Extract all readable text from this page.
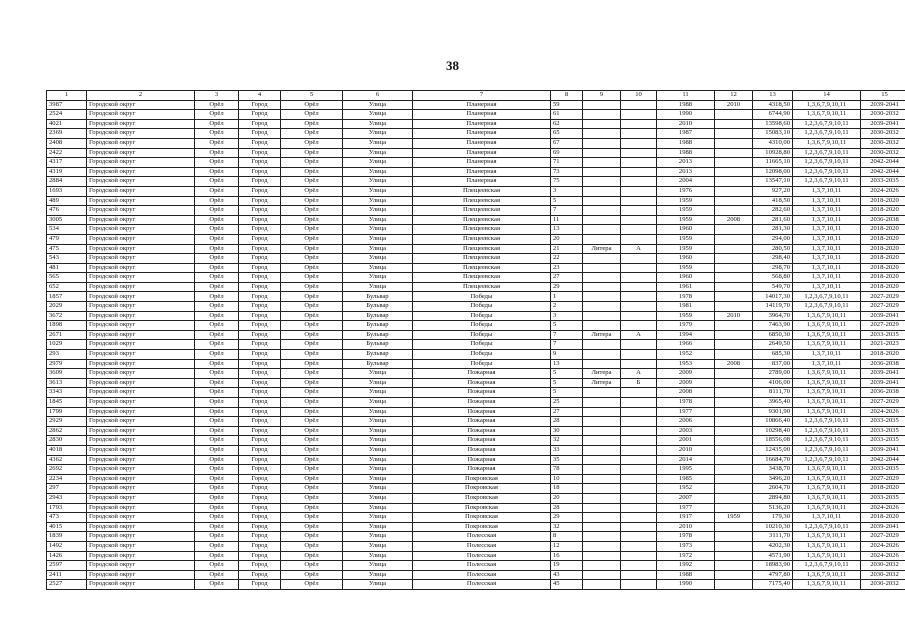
38
1	2	3	4	5	6	7	8	9	10	11	12	13	14	15
3987	Городской округ	Орёл	Город	Орёл	Улица	Планерная	59			1988	2010	4318,50	1,3,6,7,9,10,11	2039-2041
2524	Городской округ	Орёл	Город	Орёл	Улица	Планерная	61			1990		6744,90	1,3,6,7,9,10,11	2030-2032
4021	Городской округ	Орёл	Город	Орёл	Улица	Планерная	62			2010		13598,60	1,2,3,6,7,9,10,11	2039-2041
2369	Городской округ	Орёл	Город	Орёл	Улица	Планерная	65			1987		15083,10	1,2,3,6,7,9,10,11	2030-2032
2408	Городской округ	Орёл	Город	Орёл	Улица	Планерная	67			1988		4310,00	1,3,6,7,9,10,11	2030-2032
2422	Городской округ	Орёл	Город	Орёл	Улица	Планерная	69			1988		10928,80	1,2,3,6,7,9,10,11	2030-2032
4317	Городской округ	Орёл	Город	Орёл	Улица	Планерная	71			2013		11665,10	1,2,3,6,7,9,10,11	2042-2044
4319	Городской округ	Орёл	Город	Орёл	Улица	Планерная	73			2013		12098,00	1,2,3,6,7,9,10,11	2042-2044
2884	Городской округ	Орёл	Город	Орёл	Улица	Планерная	75			2004		13547,10	1,2,3,6,7,9,10,11	2033-2035
1693	Городской округ	Орёл	Город	Орёл	Улица	Плещеевская	3			1976		927,20	1,3,7,10,11	2024-2026
489	Городской округ	Орёл	Город	Орёл	Улица	Плещеевская	5			1959		418,50	1,3,7,10,11	2018-2020
476	Городской округ	Орёл	Город	Орёл	Улица	Плещеевская	7			1959		282,60	1,3,7,10,11	2018-2020
3005	Городской округ	Орёл	Город	Орёл	Улица	Плещеевская	11			1959	2008	281,60	1,3,7,10,11	2036-2038
534	Городской округ	Орёл	Город	Орёл	Улица	Плещеевская	13			1960		281,30	1,3,7,10,11	2018-2020
479	Городской округ	Орёл	Город	Орёл	Улица	Плещеевская	20			1959		294,00	1,3,7,10,11	2018-2020
475	Городской округ	Орёл	Город	Орёл	Улица	Плещеевская	21	Литера	А	1959		280,50	1,3,7,10,11	2018-2020
543	Городской округ	Орёл	Город	Орёл	Улица	Плещеевская	22			1960		298,40	1,3,7,10,11	2018-2020
481	Городской округ	Орёл	Город	Орёл	Улица	Плещеевская	23			1959		298,70	1,3,7,10,11	2018-2020
565	Городской округ	Орёл	Город	Орёл	Улица	Плещеевская	27			1960		568,80	1,3,7,10,11	2018-2020
652	Городской округ	Орёл	Город	Орёл	Улица	Плещеевская	29			1961		549,70	1,3,7,10,11	2018-2020
1857	Городской округ	Орёл	Город	Орёл	Бульвар	Победы	1			1978		14017,30	1,2,3,6,7,9,10,11	2027-2029
2029	Городской округ	Орёл	Город	Орёл	Бульвар	Победы	2			1981		14119,70	1,2,3,6,7,9,10,11	2027-2029
3672	Городской округ	Орёл	Город	Орёл	Бульвар	Победы	3			1959	2010	3964,70	1,3,6,7,9,10,11	2039-2041
1898	Городской округ	Орёл	Город	Орёл	Бульвар	Победы	5			1979		7463,90	1,3,6,7,9,10,11	2027-2029
2671	Городской округ	Орёл	Город	Орёл	Бульвар	Победы	7	Литера	А	1994		6850,30	1,3,6,7,9,10,11	2033-2035
1029	Городской округ	Орёл	Город	Орёл	Бульвар	Победы	7			1966		2649,50	1,3,6,7,9,10,11	2021-2023
293	Городской округ	Орёл	Город	Орёл	Бульвар	Победы	9			1952		685,30	1,3,7,10,11	2018-2020
2979	Городской округ	Орёл	Город	Орёл	Бульвар	Победы	13			1953	2008	837,00	1,3,7,10,11	2036-2038
3609	Городской округ	Орёл	Город	Орёл	Улица	Пожарная	5	Литера	А	2009		2789,00	1,3,6,7,9,10,11	2039-2041
3613	Городской округ	Орёл	Город	Орёл	Улица	Пожарная	5	Литера	Б	2009		4106,00	1,3,6,7,9,10,11	2039-2041
3343	Городской округ	Орёл	Город	Орёл	Улица	Пожарная	5			2008		8111,70	1,3,6,7,9,10,11	2036-2038
1845	Городской округ	Орёл	Город	Орёл	Улица	Пожарная	25			1978		3965,40	1,3,6,7,9,10,11	2027-2029
1799	Городской округ	Орёл	Город	Орёл	Улица	Пожарная	27			1977		9301,90	1,3,6,7,9,10,11	2024-2026
2929	Городской округ	Орёл	Город	Орёл	Улица	Пожарная	28			2006		10866,40	1,2,3,6,7,9,10,11	2033-2035
2862	Городской округ	Орёл	Город	Орёл	Улица	Пожарная	30			2003		10298,40	1,2,3,6,7,9,10,11	2033-2035
2830	Городской округ	Орёл	Город	Орёл	Улица	Пожарная	32			2001		18556,08	1,2,3,6,7,9,10,11	2033-2035
4018	Городской округ	Орёл	Город	Орёл	Улица	Пожарная	33			2010		12435,00	1,2,3,6,7,9,10,11	2039-2041
4362	Городской округ	Орёл	Город	Орёл	Улица	Пожарная	35			2014		16684,70	1,2,3,6,7,9,10,11	2042-2044
2692	Городской округ	Орёл	Город	Орёл	Улица	Пожарная	78			1995		3438,70	1,3,6,7,9,10,11	2033-2035
2234	Городской округ	Орёл	Город	Орёл	Улица	Покровская	10			1985		3496,20	1,3,6,7,9,10,11	2027-2029
297	Городской округ	Орёл	Город	Орёл	Улица	Покровская	18			1952		2604,70	1,3,6,7,9,10,11	2018-2020
2943	Городской округ	Орёл	Город	Орёл	Улица	Покровская	20			2007		2894,80	1,3,6,7,9,10,11	2033-2035
1793	Городской округ	Орёл	Город	Орёл	Улица	Покровская	28			1977		5136,20	1,3,6,7,9,10,11	2024-2026
473	Городской округ	Орёл	Город	Орёл	Улица	Покровская	29			1917	1959	179,30	1,3,7,10,11	2018-2020
4015	Городской округ	Орёл	Город	Орёл	Улица	Покровская	32			2010		10210,30	1,2,3,6,7,9,10,11	2039-2041
1839	Городской округ	Орёл	Город	Орёл	Улица	Полесская	8			1978		3111,70	1,3,6,7,9,10,11	2027-2029
1492	Городской округ	Орёл	Город	Орёл	Улица	Полесская	12			1973		4202,30	1,3,6,7,9,10,11	2024-2026
1426	Городской округ	Орёл	Город	Орёл	Улица	Полесская	16			1972		4571,90	1,3,6,7,9,10,11	2024-2026
2597	Городской округ	Орёл	Город	Орёл	Улица	Полесская	19			1992		18983,90	1,2,3,6,7,9,10,11	2030-2032
2411	Городской округ	Орёл	Город	Орёл	Улица	Полесская	43			1988		4797,80	1,3,6,7,9,10,11	2030-2032
2527	Городской округ	Орёл	Город	Орёл	Улица	Полесская	45			1990		7175,40	1,3,6,7,9,10,11	2030-2032
